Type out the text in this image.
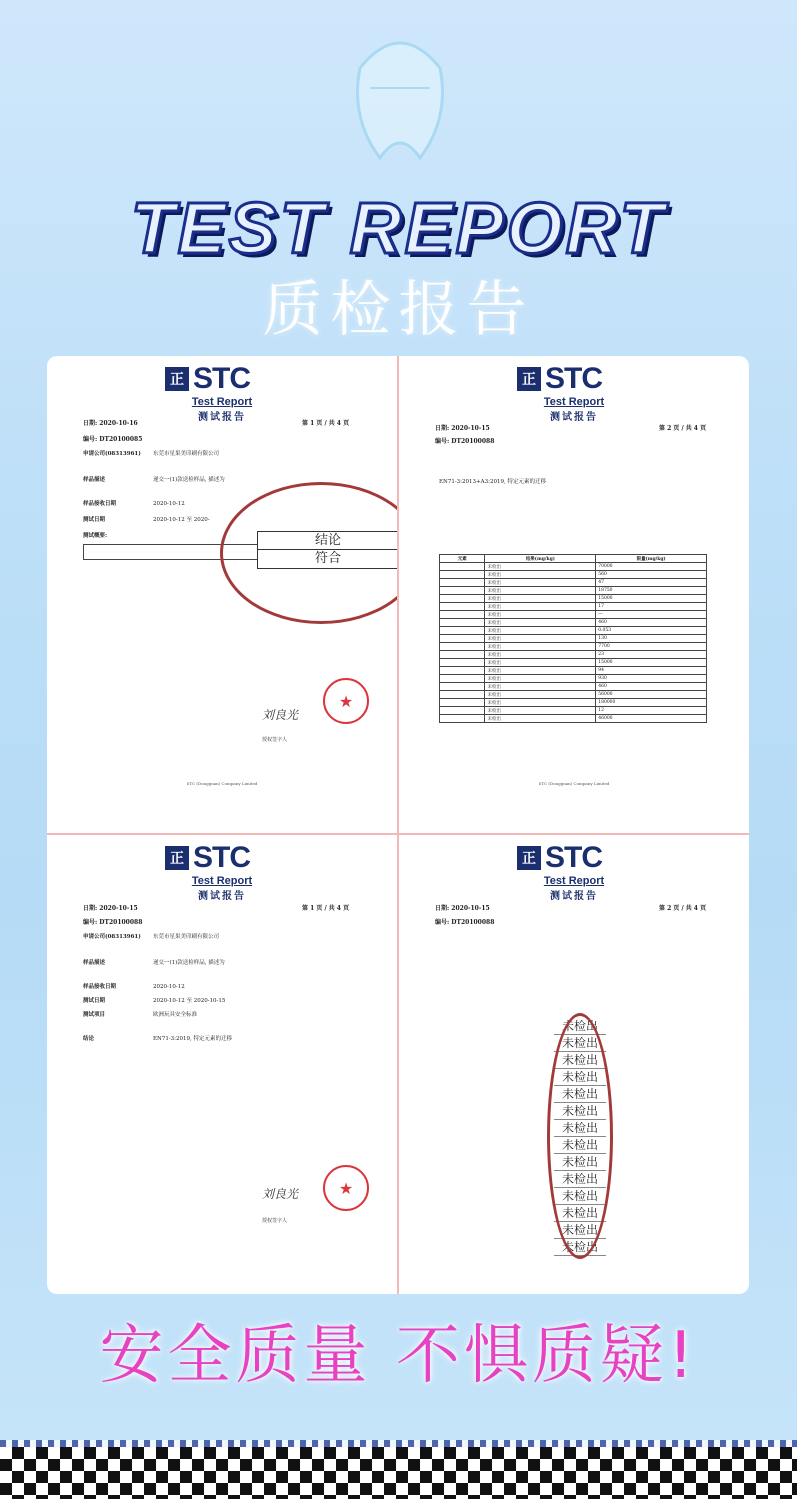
TEST REPORT
质检报告
正 STC
Test Report
测试报告
日期: 2020-10-16	第 1 页 / 共 4 页
编号: DT20100085
申请公司(08313961) 东莞市星果美印刷有限公司
样品描述	递交一(1)款送检样品, 描述为
样品接收日期	2020-10-12
测试日期	2020-10-12 至 2020-
测试概要:	结论
符合
★
刘良光
授权签字人
STC (Dongguan) Company Limited
正 STC
Test Report
测试报告
日期: 2020-10-15	第 2 页 / 共 4 页
编号: DT20100088
EN71-3:2013+A3:2019, 特定元素的迁移
元素	结果(mg/kg)	限量(mg/kg)
	未检出	70000
	未检出	560
	未检出	47
	未检出	18750
	未检出	15000
	未检出	17
	未检出	—
	未检出	460
	未检出	0.053
	未检出	130
	未检出	7700
	未检出	23
	未检出	15000
	未检出	94
	未检出	930
	未检出	460
	未检出	56000
	未检出	180000
	未检出	12
	未检出	46000
STC (Dongguan) Company Limited
正 STC
Test Report
测试报告
日期: 2020-10-15	第 1 页 / 共 4 页
编号: DT20100088
申请公司(08313961) 东莞市星果美印刷有限公司
样品描述	递交一(1)款送检样品, 描述为
样品接收日期	2020-10-12
测试日期	2020-10-12 至 2020-10-15
测试项目	欧洲玩具安全标准
结论	EN71-3:2019, 特定元素的迁移
★
刘良光
授权签字人
正 STC
Test Report
测试报告
日期: 2020-10-15	第 2 页 / 共 4 页
编号: DT20100088
未检出
未检出
未检出
未检出
未检出
未检出
未检出
未检出
未检出
未检出
未检出
未检出
未检出
未检出
安全质量 不惧质疑!
